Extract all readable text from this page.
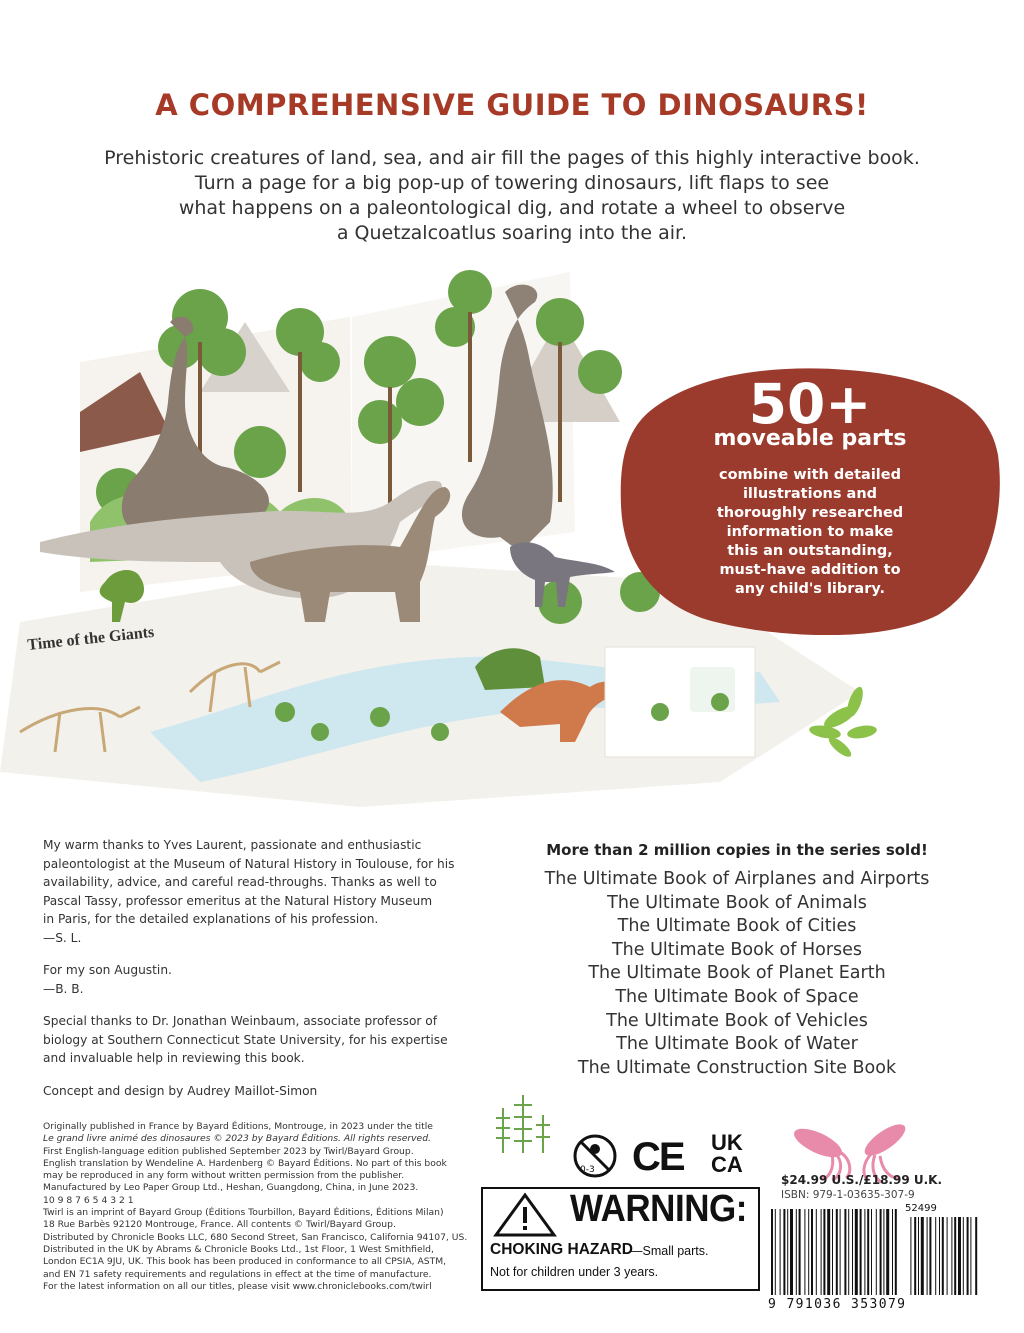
A COMPREHENSIVE GUIDE TO DINOSAURS!
Prehistoric creatures of land, sea, and air fill the pages of this highly interactive book.
Turn a page for a big pop-up of towering dinosaurs, lift flaps to see
what happens on a paleontological dig, and rotate a wheel to observe
a Quetzalcoatlus soaring into the air.
Time of the Giants
50+
moveable parts
combine with detailed
illustrations and
thoroughly researched
information to make
this an outstanding,
must-have addition to
any child's library.

My warm thanks to Yves Laurent, passionate and enthusiastic
paleontologist at the Museum of Natural History in Toulouse, for his
availability, advice, and careful read-throughs. Thanks as well to
Pascal Tassy, professor emeritus at the Natural History Museum
in Paris, for the detailed explanations of his profession.
—S. L.

For my son Augustin.
—B. B.

Special thanks to Dr. Jonathan Weinbaum, associate professor of
biology at Southern Connecticut State University, for his expertise
and invaluable help in reviewing this book.

Concept and design by Audrey Maillot-Simon

More than 2 million copies in the series sold!
The Ultimate Book of Airplanes and Airports
The Ultimate Book of Animals
The Ultimate Book of Cities
The Ultimate Book of Horses
The Ultimate Book of Planet Earth
The Ultimate Book of Space
The Ultimate Book of Vehicles
The Ultimate Book of Water
The Ultimate Construction Site Book
Originally published in France by Bayard Éditions, Montrouge, in 2023 under the title
Le grand livre animé des dinosaures © 2023 by Bayard Éditions. All rights reserved.
First English-language edition published September 2023 by Twirl/Bayard Group.
English translation by Wendeline A. Hardenberg © Bayard Éditions. No part of this book
may be reproduced in any form without written permission from the publisher.
Manufactured by Leo Paper Group Ltd., Heshan, Guangdong, China, in June 2023.
10 9 8 7 6 5 4 3 2 1
Twirl is an imprint of Bayard Group (Éditions Tourbillon, Bayard Éditions, Éditions Milan)
18 Rue Barbès 92120 Montrouge, France. All contents © Twirl/Bayard Group.
Distributed by Chronicle Books LLC, 680 Second Street, San Francisco, California 94107, US.
Distributed in the UK by Abrams & Chronicle Books Ltd., 1st Floor, 1 West Smithfield,
London EC1A 9JU, UK. This book has been produced in conformance to all CPSIA, ASTM,
and EN 71 safety requirements and regulations in effect at the time of manufacture.
For the latest information on all our titles, please visit www.chroniclebooks.com/twirl
0-3 CE UK
CA
WARNING:
CHOKING HAZARD
—Small parts.
Not for children under 3 years.
$24.99 U.S./£18.99 U.K.
ISBN: 979-1-03635-307-9
52499
9 791036 353079
